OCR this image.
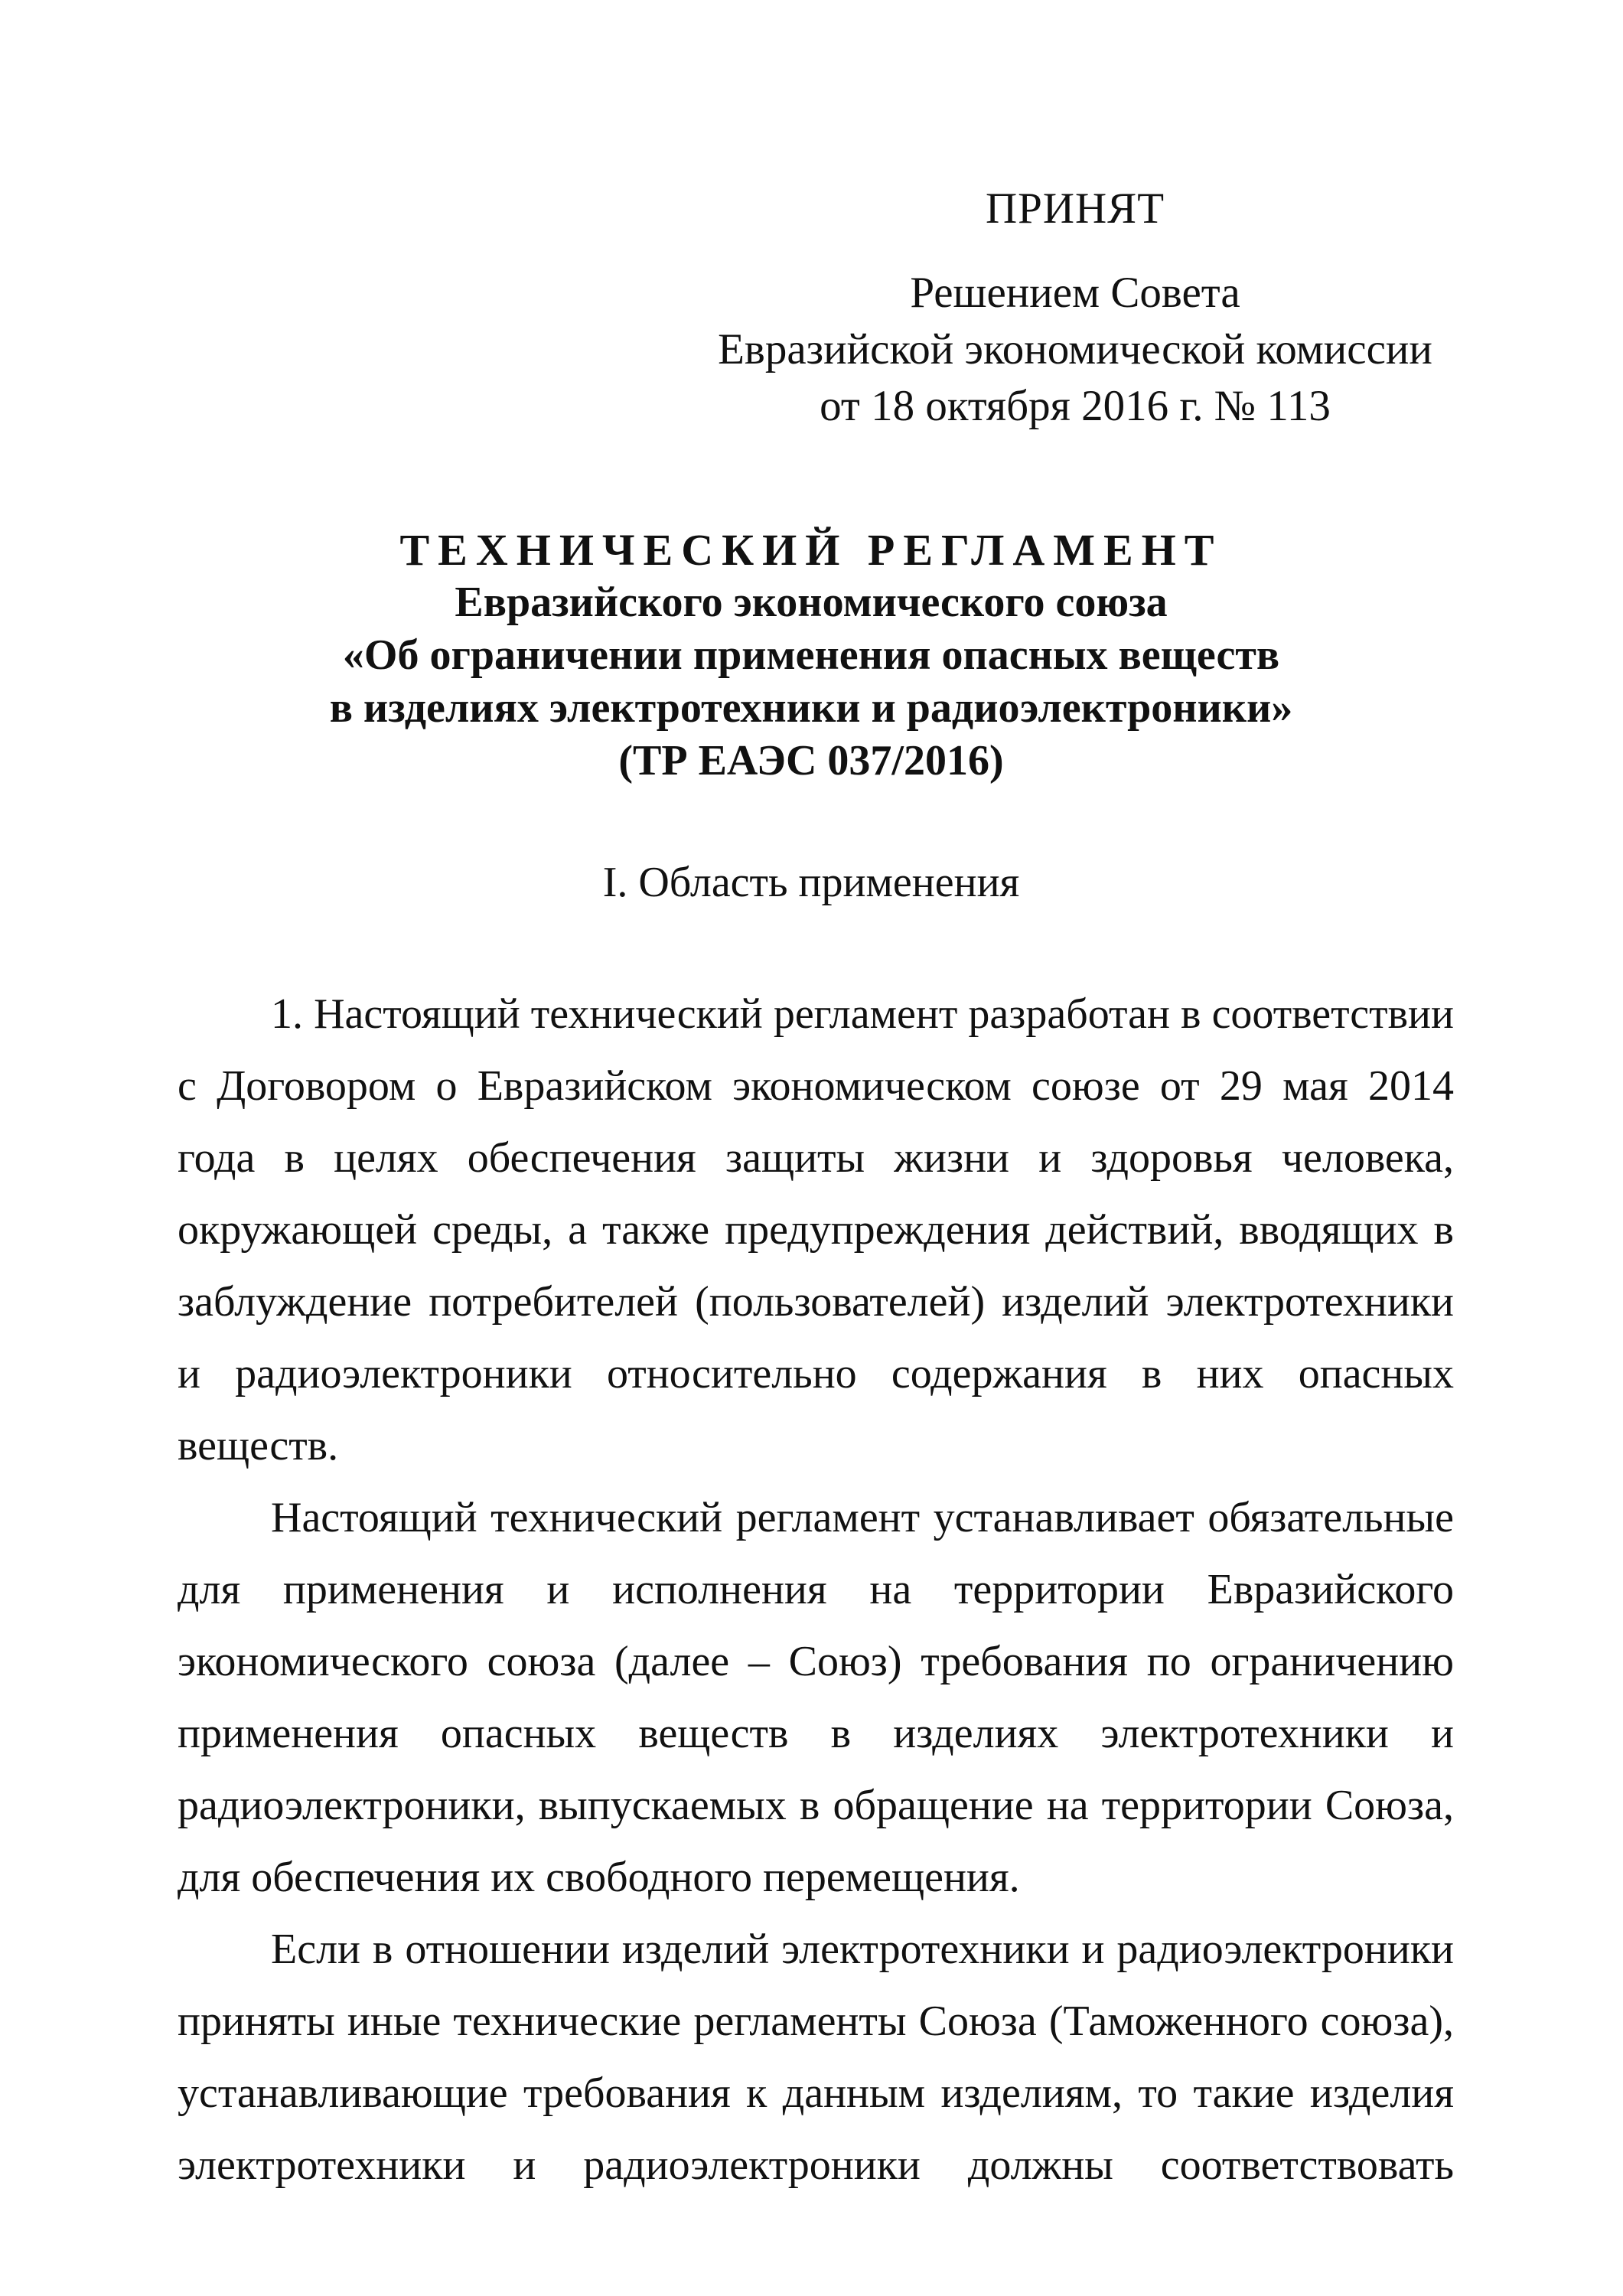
ПРИНЯТ
Решением Совета
Евразийской экономической комиссии
от 18 октября 2016 г. № 113
ТЕХНИЧЕСКИЙ РЕГЛАМЕНТ
Евразийского экономического союза
«Об ограничении применения опасных веществ
в изделиях электротехники и радиоэлектроники»
(ТР ЕАЭС 037/2016)
I. Область применения

1. Настоящий технический регламент разработан в соответствии с Договором о Евразийском экономическом союзе от 29 мая 2014 года в целях обеспечения защиты жизни и здоровья человека, окружающей среды, а также предупреждения действий, вводящих в заблуждение потребителей (пользователей) изделий электротехники и радиоэлектроники относительно содержания в них опасных веществ.

Настоящий технический регламент устанавливает обязательные для применения и исполнения на территории Евразийского экономического союза (далее – Союз) требования по ограничению применения опасных веществ в изделиях электротехники и радиоэлектроники, выпускаемых в обращение на территории Союза, для обеспечения их свободного перемещения.

Если в отношении изделий электротехники и радиоэлектроники приняты иные технические регламенты Союза (Таможенного союза), устанавливающие требования к данным изделиям, то такие изделия электротехники и радиоэлектроники должны соответствовать
